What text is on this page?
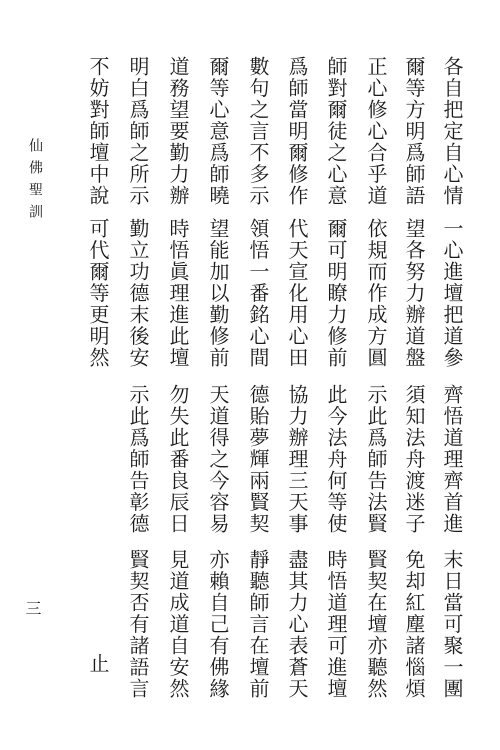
仙佛聖訓
三
各自把定自心情
一心進壇把道參
齊悟道理齊首進
末日當可聚一團
爾等方明爲師語
望各努力辦道盤
須知法舟渡迷子
免却紅塵諸惱煩
正心修心合乎道
依規而作成方圓
示此爲師告法賢
賢契在壇亦聽然
師對爾徒之心意
爾可明瞭力修前
此今法舟何等使
時悟道理可進壇
爲師當明爾修作
代天宣化用心田
協力辦理三天事
盡其力心表蒼天
數句之言不多示
領悟一番銘心間
德貽夢輝兩賢契
靜聽師言在壇前
爾等心意爲師曉
望能加以勤修前
天道得之今容易
亦賴自己有佛緣
道務望要勤力辦
時悟眞理進此壇
勿失此番良辰日
見道成道自安然
明白爲師之所示
勤立功德末後安
示此爲師告彰德
賢契否有諸語言
不妨對師壇中說
可代爾等更明然
止
